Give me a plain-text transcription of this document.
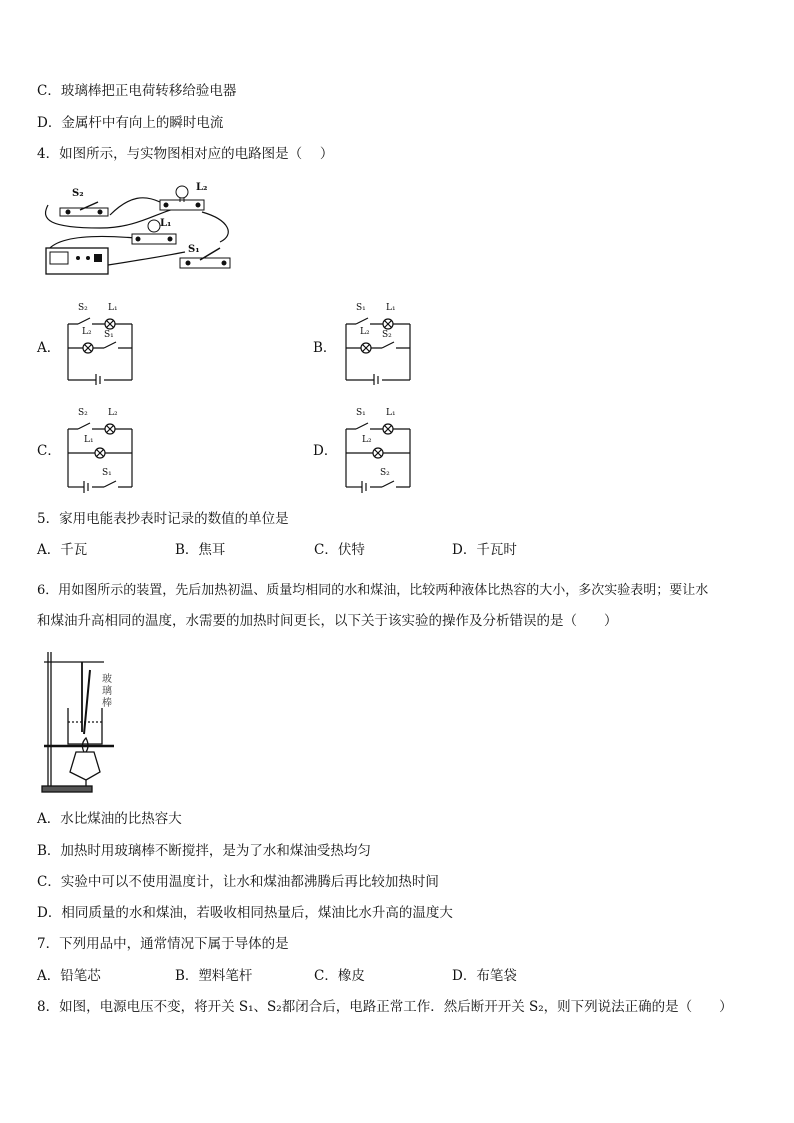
C．玻璃棒把正电荷转移给验电器
D．金属杆中有向上的瞬时电流
4．如图所示，与实物图相对应的电路图是（　 ）
S₂
L₂
L₁
S₁
A．
S₂ L₁
L₂ S₁
B．
S₁ L₁
L₂ S₂
C．
S₂ L₂
L₁
S₁
D．
S₁ L₁
L₂
S₂
5．家用电能表抄表时记录的数值的单位是
A．千瓦	B．焦耳	C．伏特	D．千瓦时
6．用如图所示的装置，先后加热初温、质量均相同的水和煤油，比较两种液体比热容的大小，多次实验表明；要让水
和煤油升高相同的温度，水需要的加热时间更长，以下关于该实验的操作及分析错误的是（　　）
玻璃棒
A．水比煤油的比热容大
B．加热时用玻璃棒不断搅拌，是为了水和煤油受热均匀
C．实验中可以不使用温度计，让水和煤油都沸腾后再比较加热时间
D．相同质量的水和煤油，若吸收相同热量后，煤油比水升高的温度大
7．下列用品中，通常情况下属于导体的是
A．铅笔芯	B．塑料笔杆	C．橡皮	D．布笔袋
8．如图，电源电压不变，将开关 S₁、S₂都闭合后，电路正常工作．然后断开开关 S₂，则下列说法正确的是（　　）
